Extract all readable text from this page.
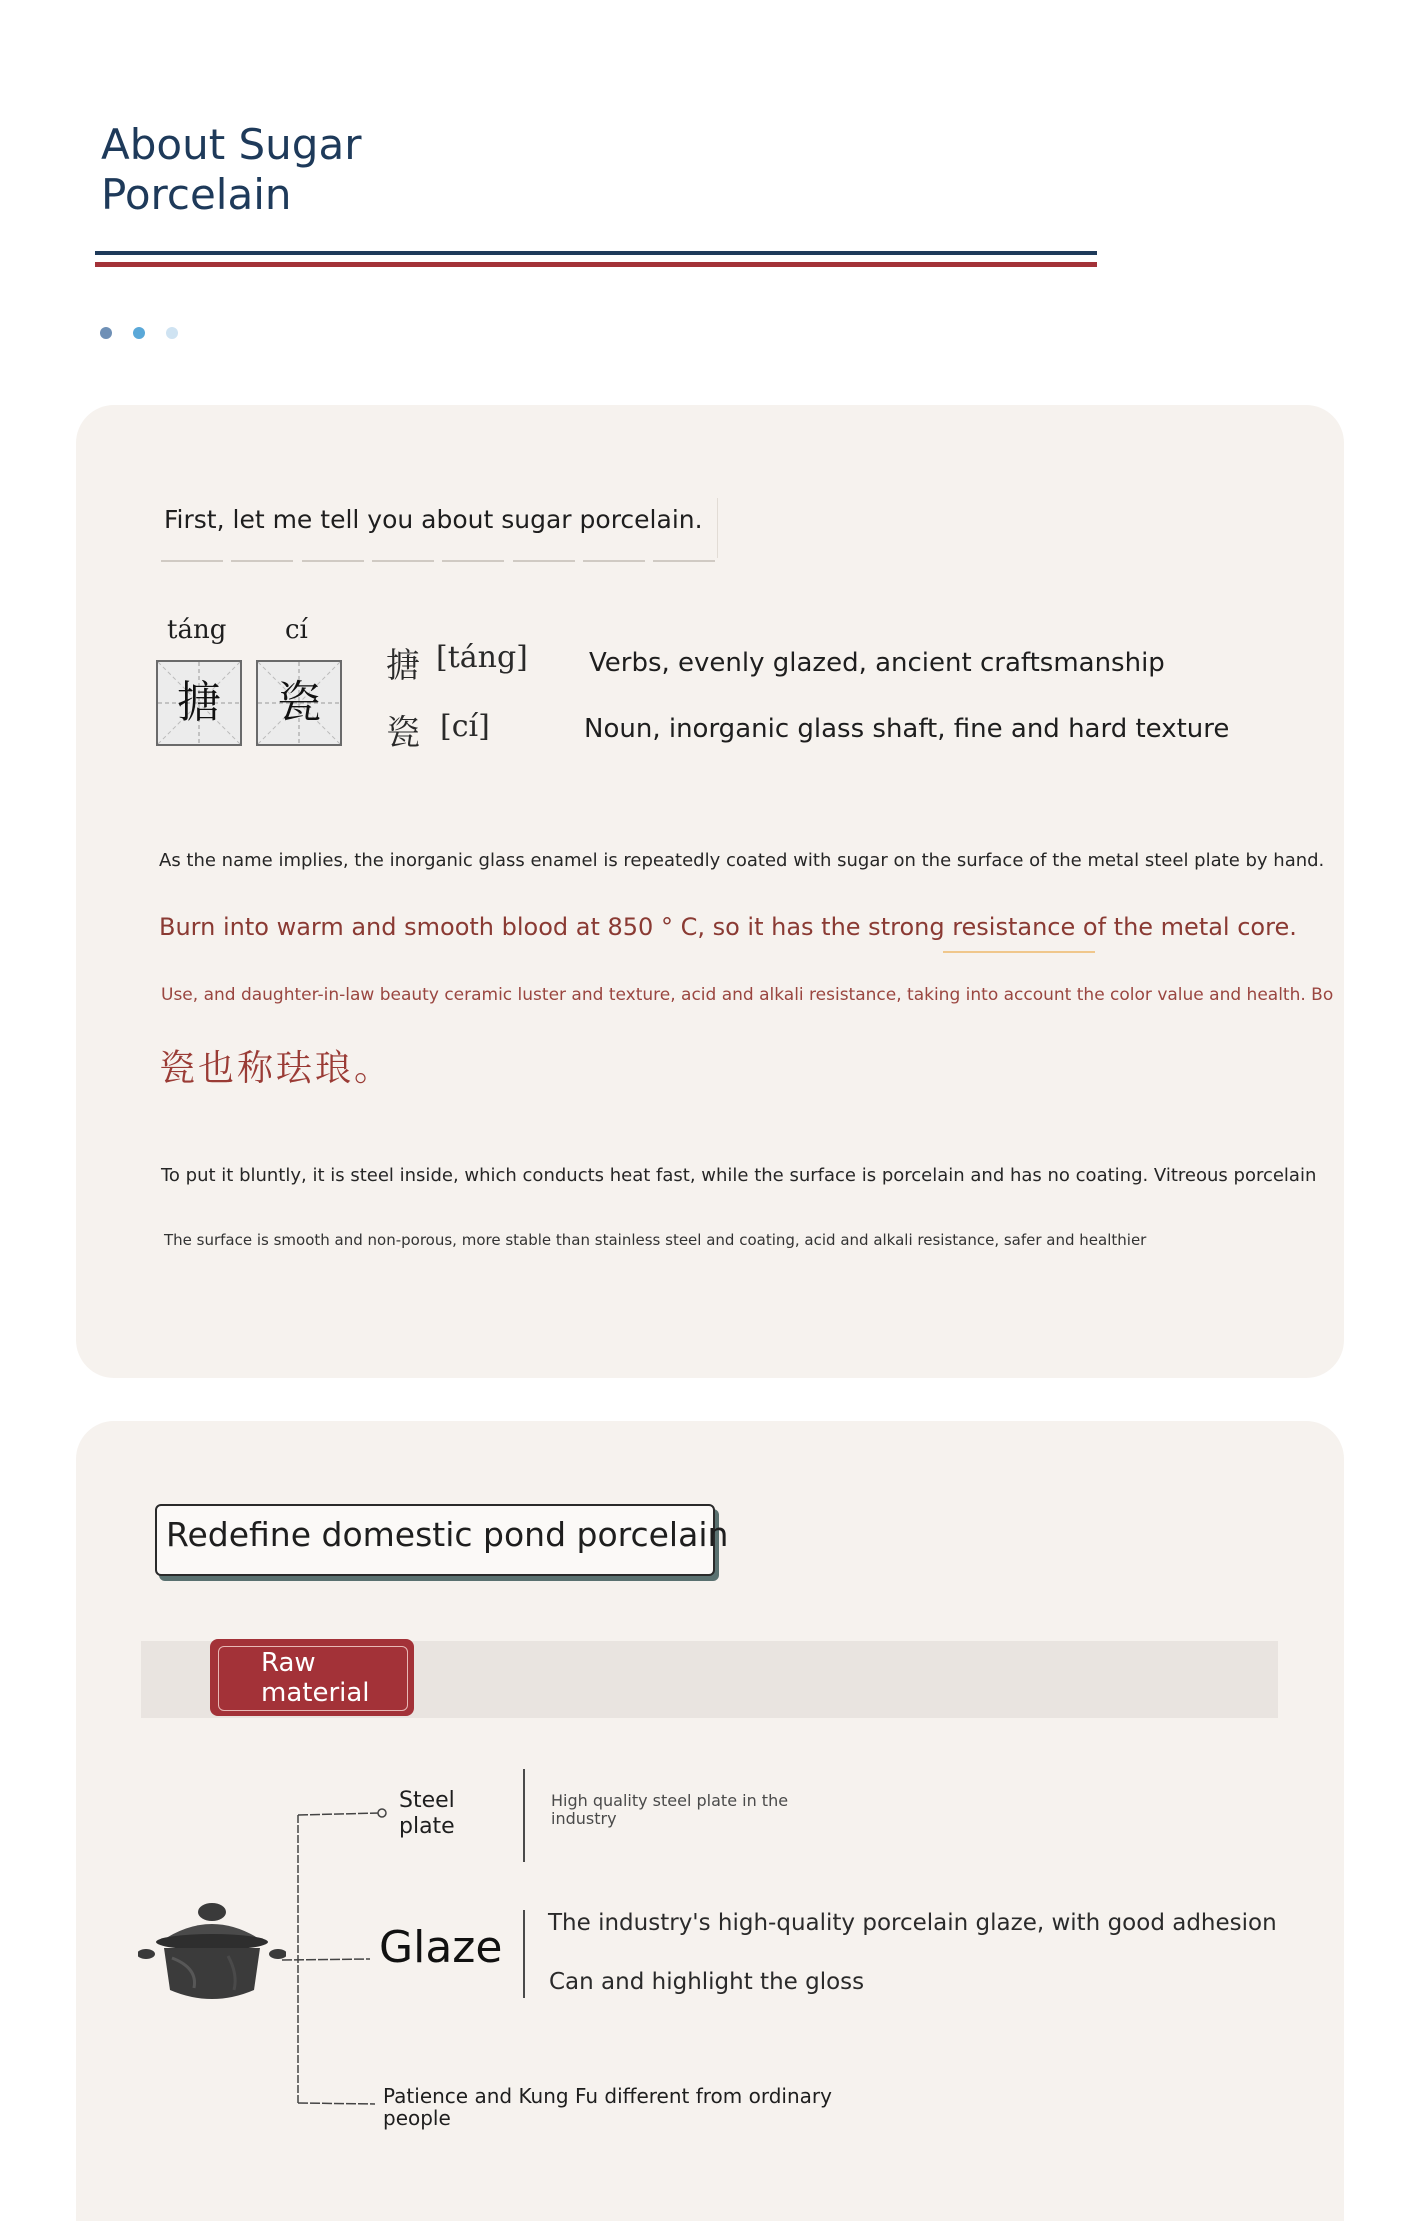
About Sugar
Porcelain
First, let me tell you about sugar porcelain.
táng cí
搪	瓷
搪 [táng] Verbs, evenly glazed, ancient craftsmanship
瓷 [cí]	Noun, inorganic glass shaft, fine and hard texture
As the name implies, the inorganic glass enamel is repeatedly coated with sugar on the surface of the metal steel plate by hand.
Burn into warm and smooth blood at 850 ° C, so it has the strong resistance of the metal core.
Use, and daughter-in-law beauty ceramic luster and texture, acid and alkali resistance, taking into account the color value and health. Bo
瓷也称珐琅。
To put it bluntly, it is steel inside, which conducts heat fast, while the surface is porcelain and has no coating. Vitreous porcelain
The surface is smooth and non-porous, more stable than stainless steel and coating, acid and alkali resistance, safer and healthier
Redefine domestic pond porcelain
Raw
material
Steel
plate
High quality steel plate in the
industry
Glaze The industry's high-quality porcelain glaze, with good adhesion
Can and highlight the gloss
Patience and Kung Fu different from ordinary
people
